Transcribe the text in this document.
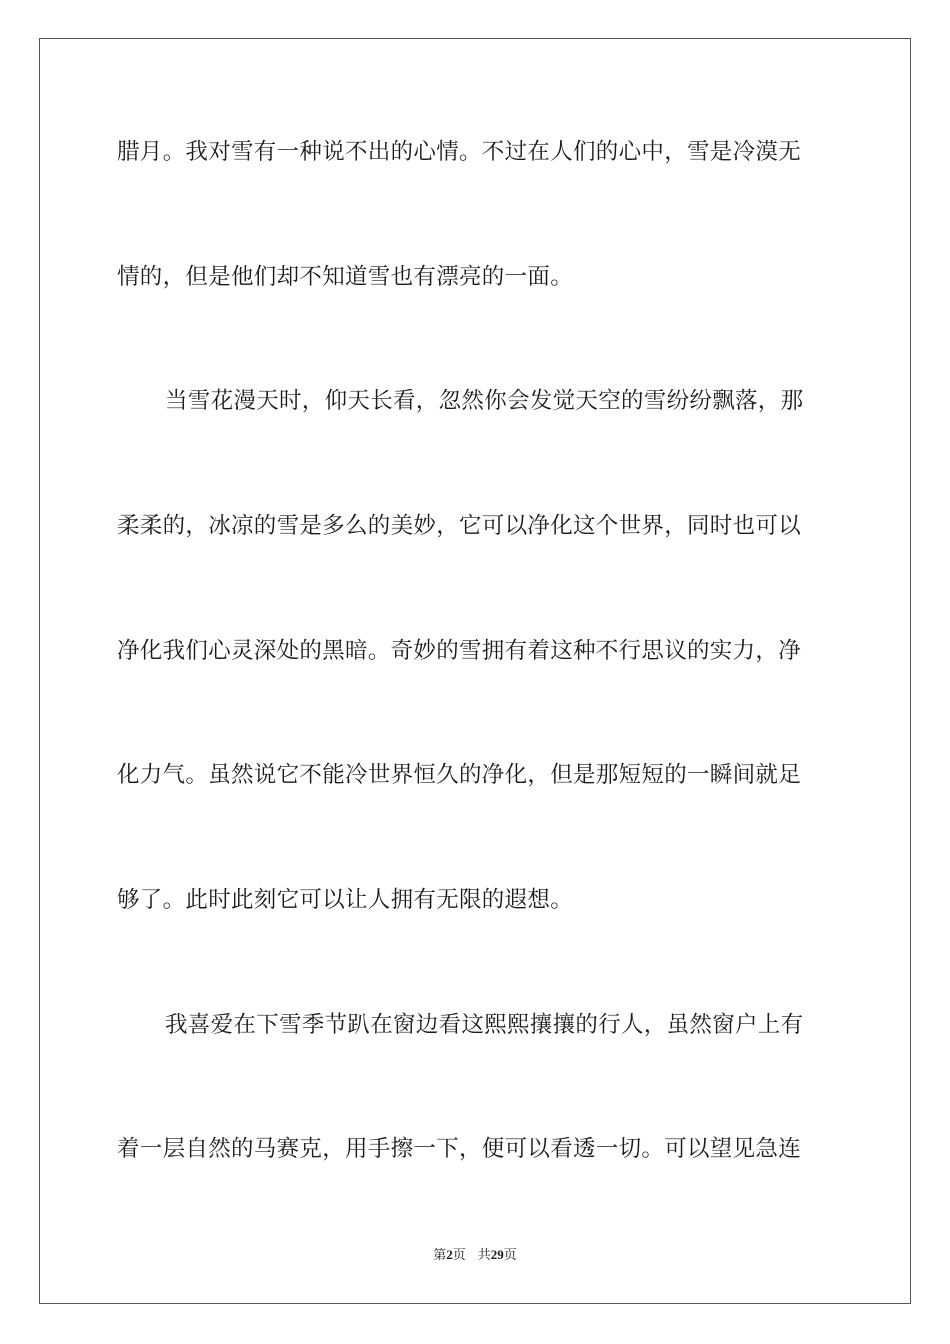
腊月。我对雪有一种说不出的心情。不过在人们的心中，雪是冷漠无
情的，但是他们却不知道雪也有漂亮的一面。
当雪花漫天时，仰天长看，忽然你会发觉天空的雪纷纷飘落，那
柔柔的，冰凉的雪是多么的美妙，它可以净化这个世界，同时也可以
净化我们心灵深处的黑暗。奇妙的雪拥有着这种不行思议的实力，净
化力气。虽然说它不能冷世界恒久的净化，但是那短短的一瞬间就足
够了。此时此刻它可以让人拥有无限的遐想。
我喜爱在下雪季节趴在窗边看这熙熙攘攘的行人，虽然窗户上有
着一层自然的马赛克，用手擦一下，便可以看透一切。可以望见急连
第2页 共29页
